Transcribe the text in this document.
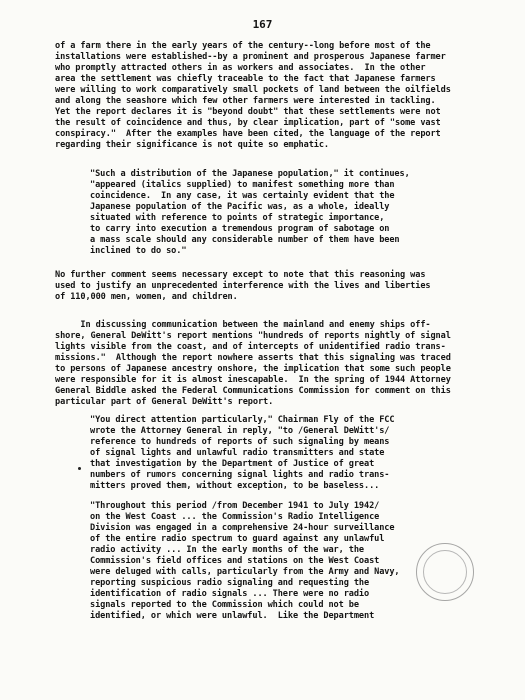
167
of a farm there in the early years of the century--long before most of the
installations were established--by a prominent and prosperous Japanese farmer
who promptly attracted others in as workers and associates.  In the other
area the settlement was chiefly traceable to the fact that Japanese farmers
were willing to work comparatively small pockets of land between the oilfields
and along the seashore which few other farmers were interested in tackling.
Yet the report declares it is "beyond doubt" that these settlements were not
the result of coincidence and thus, by clear implication, part of "some vast
conspiracy."  After the examples have been cited, the language of the report
regarding their significance is not quite so emphatic.
"Such a distribution of the Japanese population," it continues,
"appeared (italics supplied) to manifest something more than
coincidence.  In any case, it was certainly evident that the
Japanese population of the Pacific was, as a whole, ideally
situated with reference to points of strategic importance,
to carry into execution a tremendous program of sabotage on
a mass scale should any considerable number of them have been
inclined to do so."
No further comment seems necessary except to note that this reasoning was
used to justify an unprecedented interference with the lives and liberties
of 110,000 men, women, and children.
In discussing communication between the mainland and enemy ships off-
shore, General DeWitt's report mentions "hundreds of reports nightly of signal
lights visible from the coast, and of intercepts of unidentified radio trans-
missions."  Although the report nowhere asserts that this signaling was traced
to persons of Japanese ancestry onshore, the implication that some such people
were responsible for it is almost inescapable.  In the spring of 1944 Attorney
General Biddle asked the Federal Communications Commission for comment on this
particular part of General DeWitt's report.
"You direct attention particularly," Chairman Fly of the FCC
wrote the Attorney General in reply, "to /General DeWitt's/
reference to hundreds of reports of such signaling by means
of signal lights and unlawful radio transmitters and state
that investigation by the Department of Justice of great
numbers of rumors concerning signal lights and radio trans-
mitters proved them, without exception, to be baseless...
"Throughout this period /from December 1941 to July 1942/
on the West Coast ... the Commission's Radio Intelligence
Division was engaged in a comprehensive 24-hour surveillance
of the entire radio spectrum to guard against any unlawful
radio activity ... In the early months of the war, the
Commission's field offices and stations on the West Coast
were deluged with calls, particularly from the Army and Navy,
reporting suspicious radio signaling and requesting the
identification of radio signals ... There were no radio
signals reported to the Commission which could not be
identified, or which were unlawful.  Like the Department
